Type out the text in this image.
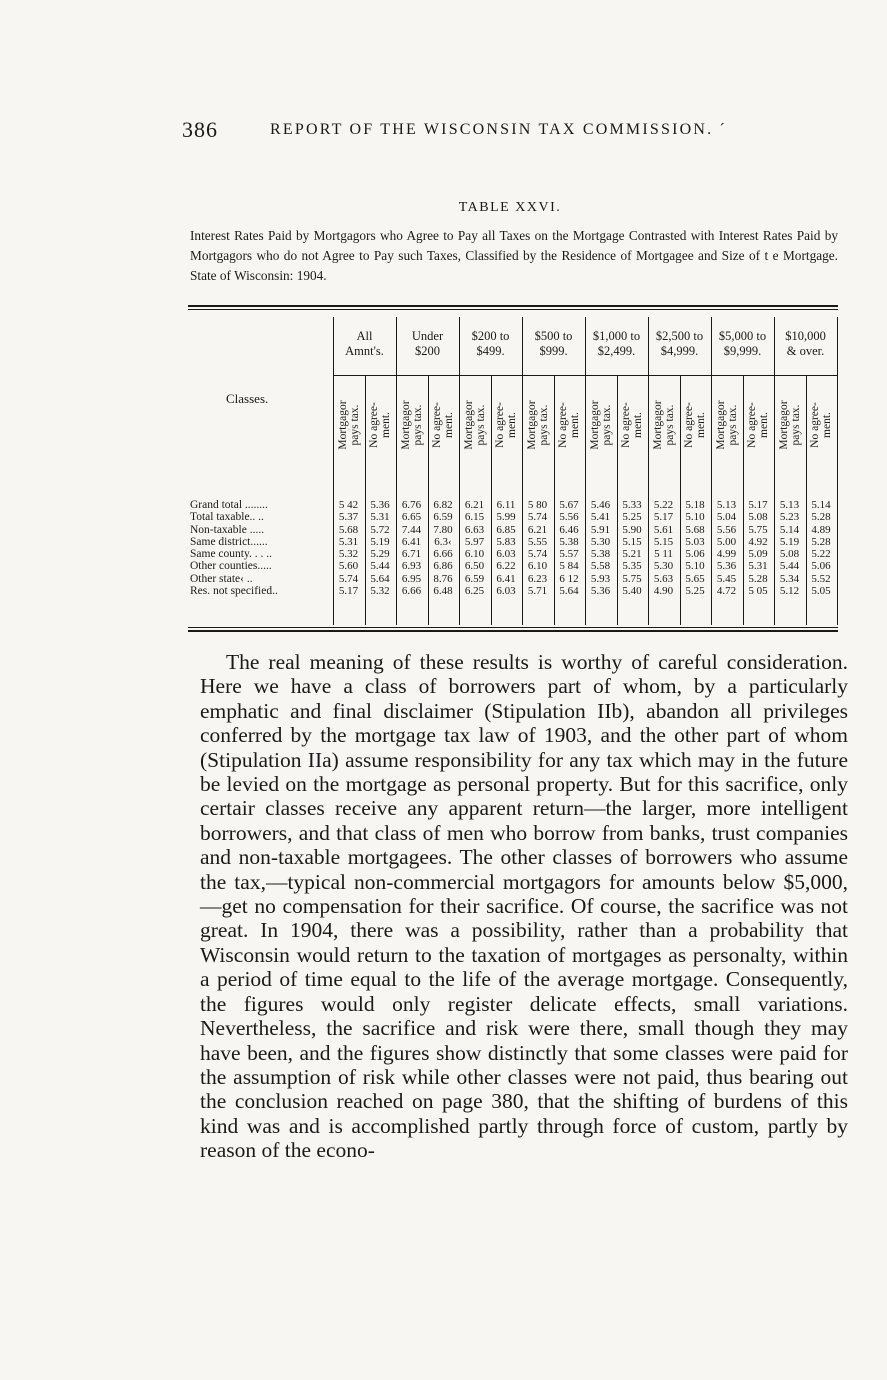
386	REPORT OF THE WISCONSIN TAX COMMISSION. ´
TABLE XXVI.
Interest Rates Paid by Mortgagors who Agree to Pay all Taxes on the Mortgage Contrasted with Interest Rates Paid by Mortgagors who do not Agree to Pay such Taxes, Classified by the Residence of Mortgagee and Size of t e Mortgage. State of Wisconsin: 1904.
Classes.
Grand total ........
Total taxable.. ..
Non-taxable .....
Same district......
Same county. . . ..
Other counties.....
Other state‹ ..
Res. not specified..
All
Amnt's.
Mortgagor pays tax.
5 42
5.37
5.68
5.31
5.32
5.60
5.74
5.17
No agree- ment.
5.36
5.31
5.72
5.19
5.29
5.44
5.64
5.32
Under
$200
Mortgagor pays tax.
6.76
6.65
7.44
6.41
6.71
6.93
6.95
6.66
No agree- ment.
6.82
6.59
7.80
6.3‹
6.66
6.86
8.76
6.48
$200 to
$499.
Mortgagor pays tax.
6.21
6.15
6.63
5.97
6.10
6.50
6.59
6.25
No agree- ment.
6.11
5.99
6.85
5.83
6.03
6.22
6.41
6.03
$500 to
$999.
Mortgagor pays tax.
5 80
5.74
6.21
5.55
5.74
6.10
6.23
5.71
No agree- ment.
5.67
5.56
6.46
5.38
5.57
5 84
6 12
5.64
$1,000 to
$2,499.
Mortgagor pays tax.
5.46
5.41
5.91
5.30
5.38
5.58
5.93
5.36
No agree- ment.
5.33
5.25
5.90
5.15
5.21
5.35
5.75
5.40
$2,500 to
$4,999.
Mortgagor pays tax.
5.22
5.17
5.61
5.15
5 11
5.30
5.63
4.90
No agree- ment.
5.18
5.10
5.68
5.03
5.06
5.10
5.65
5.25
$5,000 to
$9,999.
Mortgagor pays tax.
5.13
5.04
5.56
5.00
4.99
5.36
5.45
4.72
No agree- ment.
5.17
5.08
5.75
4.92
5.09
5.31
5.28
5 05
$10,000
& over.
Mortgagor pays tax.
5.13
5.23
5.14
5.19
5.08
5.44
5.34
5.12
No agree- ment.
5.14
5.28
4.89
5.28
5.22
5.06
5.52
5.05

The real meaning of these results is worthy of careful consideration. Here we have a class of borrowers part of whom, by a particularly emphatic and final disclaimer (Stipulation IIb), abandon all privileges conferred by the mortgage tax law of 1903, and the other part of whom (Stipulation IIa) assume responsibility for any tax which may in the future be levied on the mortgage as personal property. But for this sacrifice, only certair classes receive any apparent return—the larger, more intelligent borrowers, and that class of men who borrow from banks, trust companies and non-taxable mortgagees. The other classes of borrowers who assume the tax,—typical non-commercial mortgagors for amounts below $5,000,—get no compensation for their sacrifice. Of course, the sacrifice was not great. In 1904, there was a possibility, rather than a probability that Wisconsin would return to the taxation of mortgages as personalty, within a period of time equal to the life of the average mortgage. Consequently, the figures would only register delicate effects, small variations. Nevertheless, the sacrifice and risk were there, small though they may have been, and the figures show distinctly that some classes were paid for the assumption of risk while other classes were not paid, thus bearing out the conclusion reached on page 380, that the shifting of burdens of this kind was and is accomplished partly through force of custom, partly by reason of the econo-
